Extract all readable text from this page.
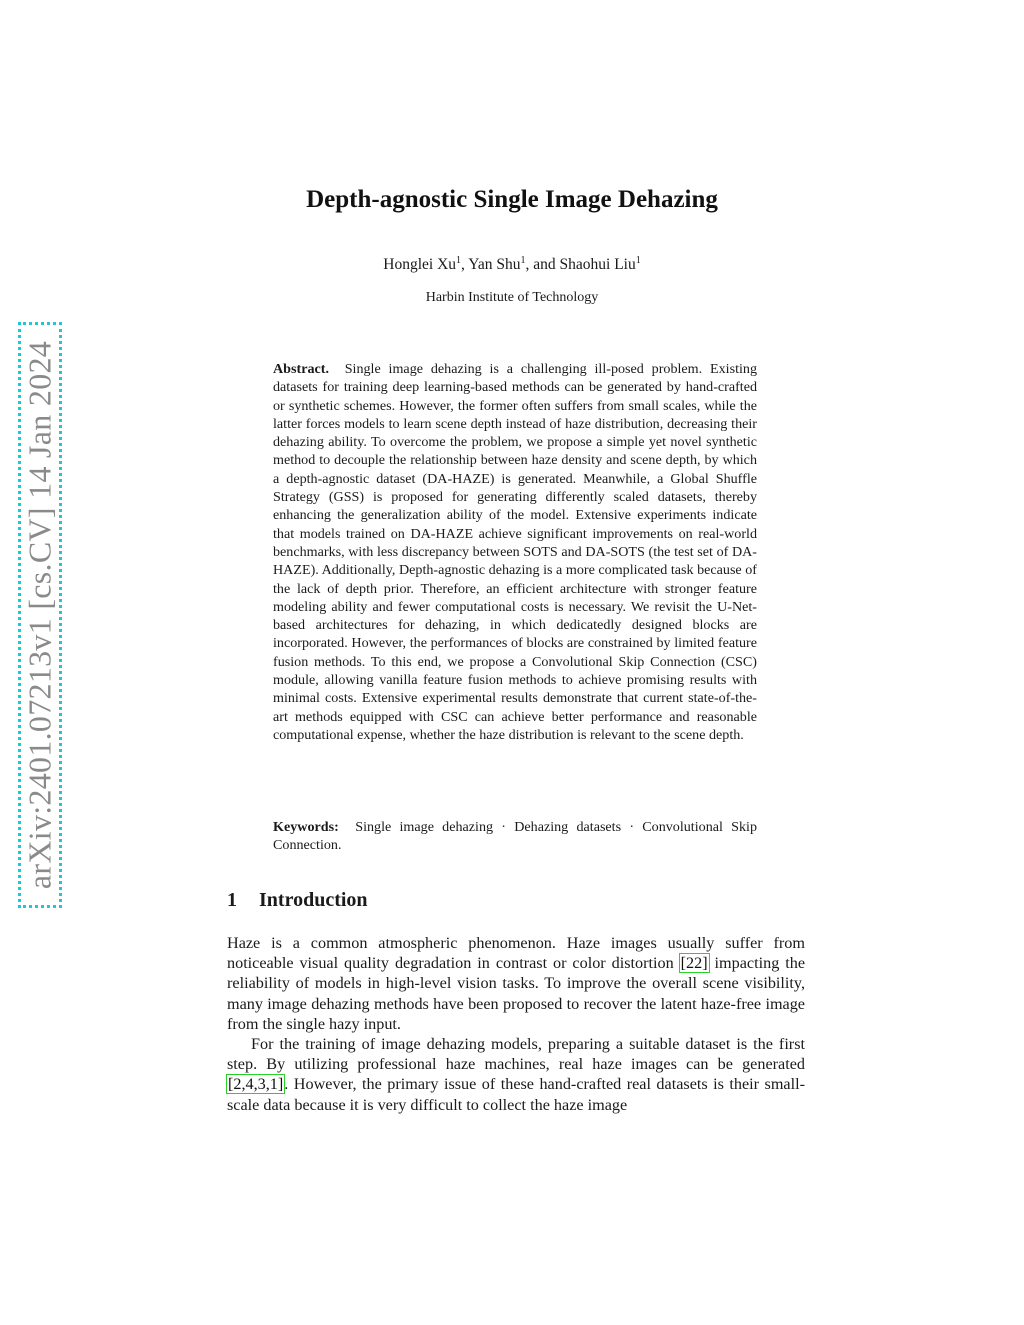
arXiv:2401.07213v1 [cs.CV] 14 Jan 2024
Depth-agnostic Single Image Dehazing
Honglei Xu$^1$, Yan Shu$^1$, and Shaohui Liu$^1$
Harbin Institute of Technology
Abstract. Single image dehazing is a challenging ill-posed problem. Existing datasets for training deep learning-based methods can be generated by hand-crafted or synthetic schemes. However, the former often suffers from small scales, while the latter forces models to learn scene depth instead of haze distribution, decreasing their dehazing ability. To overcome the problem, we propose a simple yet novel synthetic method to decouple the relationship between haze density and scene depth, by which a depth-agnostic dataset (DA-HAZE) is generated. Meanwhile, a Global Shuffle Strategy (GSS) is proposed for generating differently scaled datasets, thereby enhancing the generalization ability of the model. Extensive experiments indicate that models trained on DA-HAZE achieve significant improvements on real-world benchmarks, with less discrepancy between SOTS and DA-SOTS (the test set of DA-HAZE). Additionally, Depth-agnostic dehazing is a more complicated task because of the lack of depth prior. Therefore, an efficient architecture with stronger feature modeling ability and fewer computational costs is necessary. We revisit the U-Net-based architectures for dehazing, in which dedicatedly designed blocks are incorporated. However, the performances of blocks are constrained by limited feature fusion methods. To this end, we propose a Convolutional Skip Connection (CSC) module, allowing vanilla feature fusion methods to achieve promising results with minimal costs. Extensive experimental results demonstrate that current state-of-the-art methods equipped with CSC can achieve better performance and reasonable computational expense, whether the haze distribution is relevant to the scene depth.
Keywords: Single image dehazing · Dehazing datasets · Convolutional Skip Connection.
1 Introduction

Haze is a common atmospheric phenomenon. Haze images usually suffer from noticeable visual quality degradation in contrast or color distortion [22] impacting the reliability of models in high-level vision tasks. To improve the overall scene visibility, many image dehazing methods have been proposed to recover the latent haze-free image from the single hazy input.

For the training of image dehazing models, preparing a suitable dataset is the first step. By utilizing professional haze machines, real haze images can be generated [2,4,3,1]. However, the primary issue of these hand-crafted real datasets is their small-scale data because it is very difficult to collect the haze image
